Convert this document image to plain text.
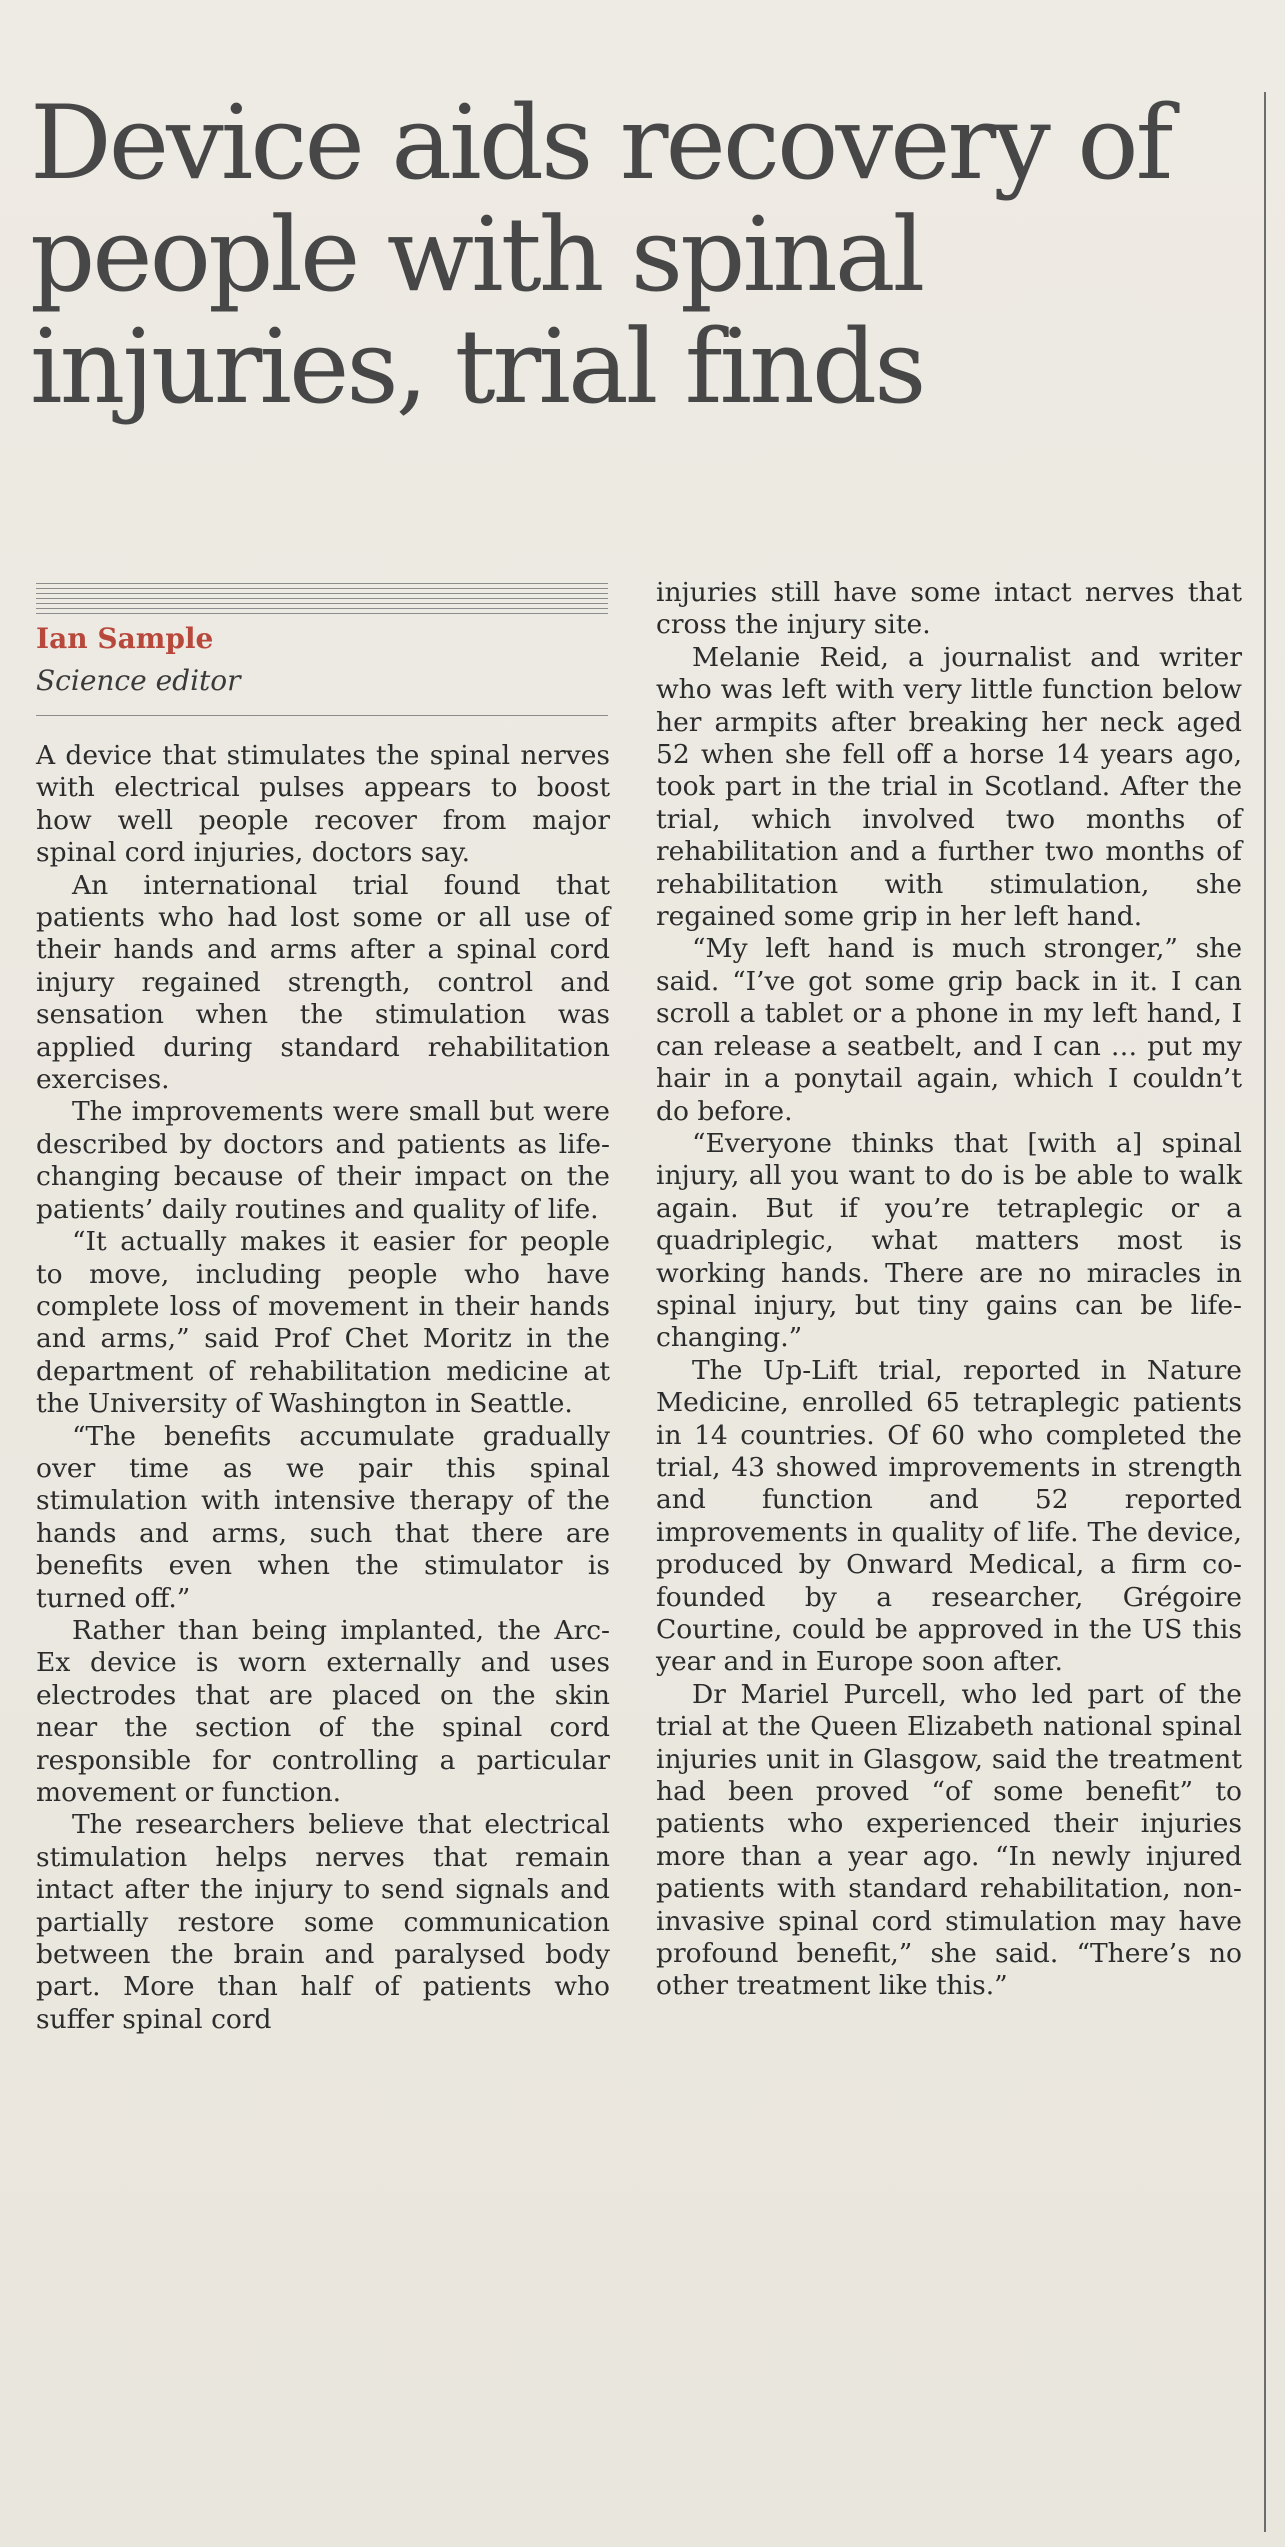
Device aids recovery of people with spinal injuries, trial finds
Ian Sample
Science editor

A device that stimulates the spinal nerves with electrical pulses appears to boost how well people recover from major spinal cord injuries, doctors say.

An international trial found that patients who had lost some or all use of their hands and arms after a spinal cord injury regained strength, control and sensation when the stimulation was applied during standard rehabilitation exercises.

The improvements were small but were described by doctors and patients as life-changing because of their impact on the patients’ daily routines and quality of life.

“It actually makes it easier for people to move, including people who have complete loss of movement in their hands and arms,” said Prof Chet Moritz in the department of rehabilitation medicine at the University of Washington in Seattle.

“The benefits accumulate gradually over time as we pair this spinal stimulation with intensive therapy of the hands and arms, such that there are benefits even when the stimulator is turned off.”

Rather than being implanted, the Arc-Ex device is worn externally and uses electrodes that are placed on the skin near the section of the spinal cord responsible for controlling a particular movement or function.

The researchers believe that electrical stimulation helps nerves that remain intact after the injury to send signals and partially restore some communication between the brain and paralysed body part. More than half of patients who suffer spinal cord

injuries still have some intact nerves that cross the injury site.

Melanie Reid, a journalist and writer who was left with very little function below her armpits after breaking her neck aged 52 when she fell off a horse 14 years ago, took part in the trial in Scotland. After the trial, which involved two months of rehabilitation and a further two months of rehabilitation with stimulation, she regained some grip in her left hand.

“My left hand is much stronger,” she said. “I’ve got some grip back in it. I can scroll a tablet or a phone in my left hand, I can release a seatbelt, and I can … put my hair in a ponytail again, which I couldn’t do before.

“Everyone thinks that [with a] spinal injury, all you want to do is be able to walk again. But if you’re tetraplegic or a quadriplegic, what matters most is working hands. There are no miracles in spinal injury, but tiny gains can be life-changing.”

The Up-Lift trial, reported in Nature Medicine, enrolled 65 tetraplegic patients in 14 countries. Of 60 who completed the trial, 43 showed improvements in strength and function and 52 reported improvements in quality of life. The device, produced by Onward Medical, a firm co-founded by a researcher, Grégoire Courtine, could be approved in the US this year and in Europe soon after.

Dr Mariel Purcell, who led part of the trial at the Queen Elizabeth national spinal injuries unit in Glasgow, said the treatment had been proved “of some benefit” to patients who experienced their injuries more than a year ago. “In newly injured patients with standard rehabilitation, non-invasive spinal cord stimulation may have profound benefit,” she said. “There’s no other treatment like this.”
